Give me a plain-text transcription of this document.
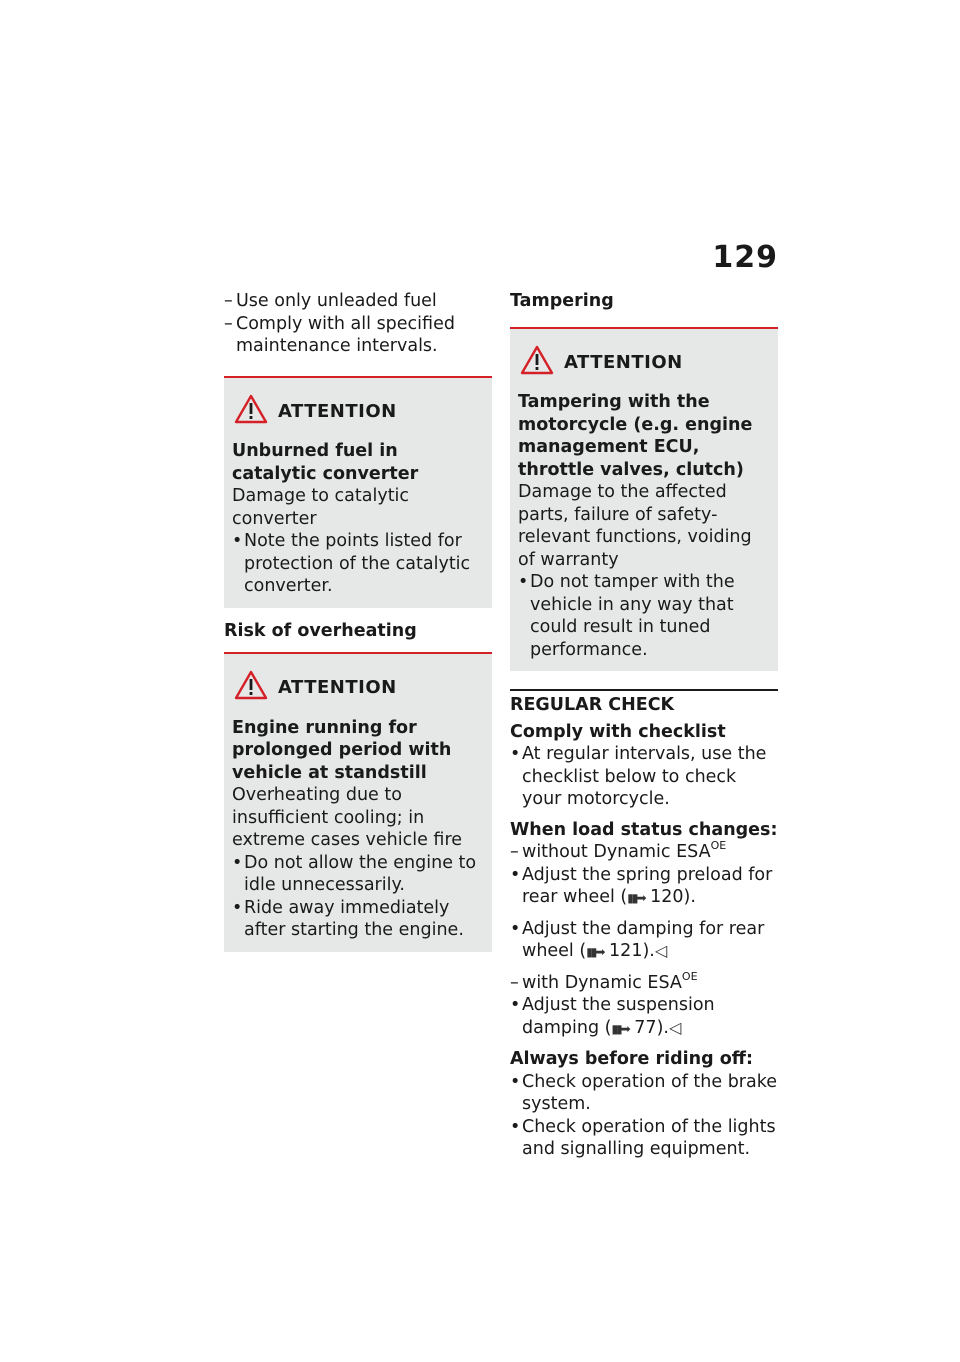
129
– Use only unleaded fuel
– Comply with all specified maintenance intervals.
ATTENTION
Unburned fuel in catalytic converter
Damage to catalytic converter
• Note the points listed for protection of the catalytic converter.
Risk of overheating
ATTENTION
Engine running for prolonged period with vehicle at standstill
Overheating due to insufficient cooling; in extreme cases vehicle fire
• Do not allow the engine to idle unnecessarily.
• Ride away immediately after starting the engine.
Tampering
ATTENTION
Tampering with the motorcycle (e.g. engine management ECU, throttle valves, clutch)
Damage to the affected parts, failure of safety-relevant functions, voiding of warranty
• Do not tamper with the vehicle in any way that could result in tuned performance.
REGULAR CHECK
Comply with checklist
• At regular intervals, use the checklist below to check your motorcycle.
When load status changes:
– without Dynamic $ESA^{OE}$
• Adjust the spring preload for rear wheel (▮▮➡ 120).
• Adjust the damping for rear wheel (▮▮➡ 121).◁
– with Dynamic $ESA^{OE}$
• Adjust the suspension damping (▮▮➡ 77).◁
Always before riding off:
• Check operation of the brake system.
• Check operation of the lights and signalling equipment.
